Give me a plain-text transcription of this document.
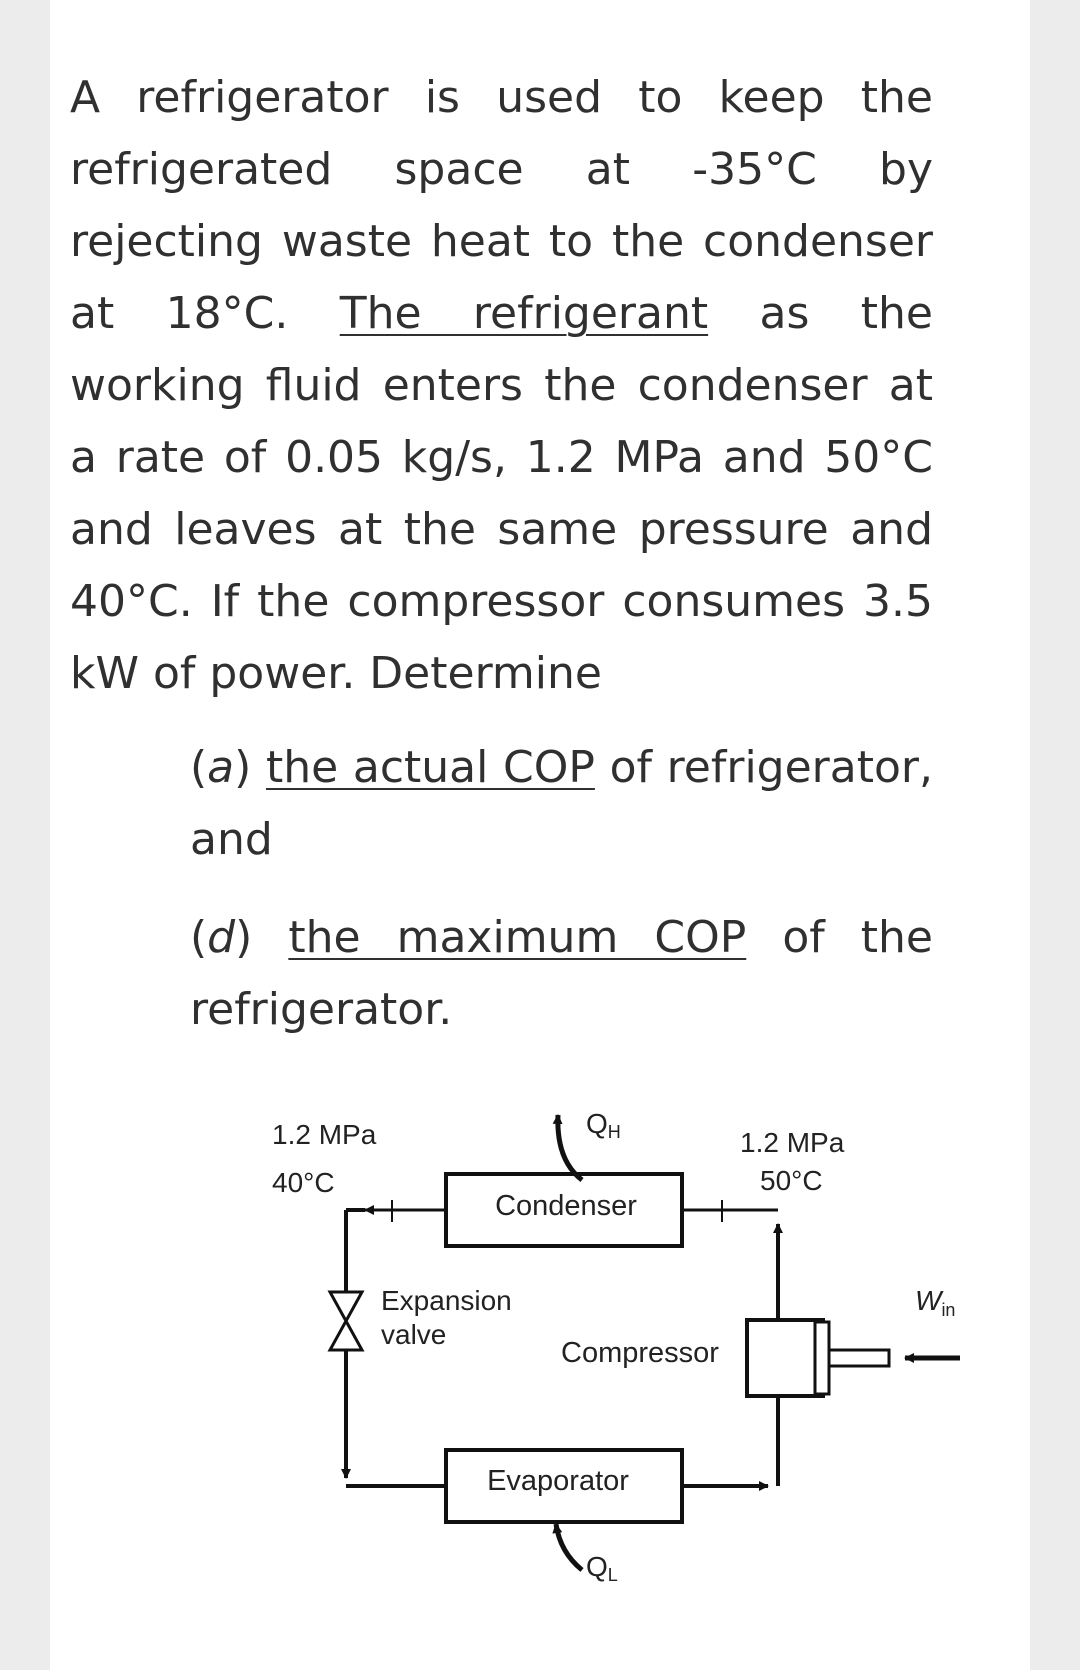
A refrigerator is used to keep the refrigerated space at -35°C by rejecting waste heat to the condenser at 18°C. The refrigerant as the working fluid enters the condenser at a rate of 0.05 kg/s, 1.2 MPa and 50°C and leaves at the same pressure and 40°C. If the compressor consumes 3.5 kW of power. Determine
(a) the actual COP of refrigerator, and
(d) the maximum COP of the refrigerator.
Condenser
Evaporator
Expansion
valve
Compressor
$W_{in}$
QH
QL
1.2 MPa
40°C
1.2 MPa
50°C
